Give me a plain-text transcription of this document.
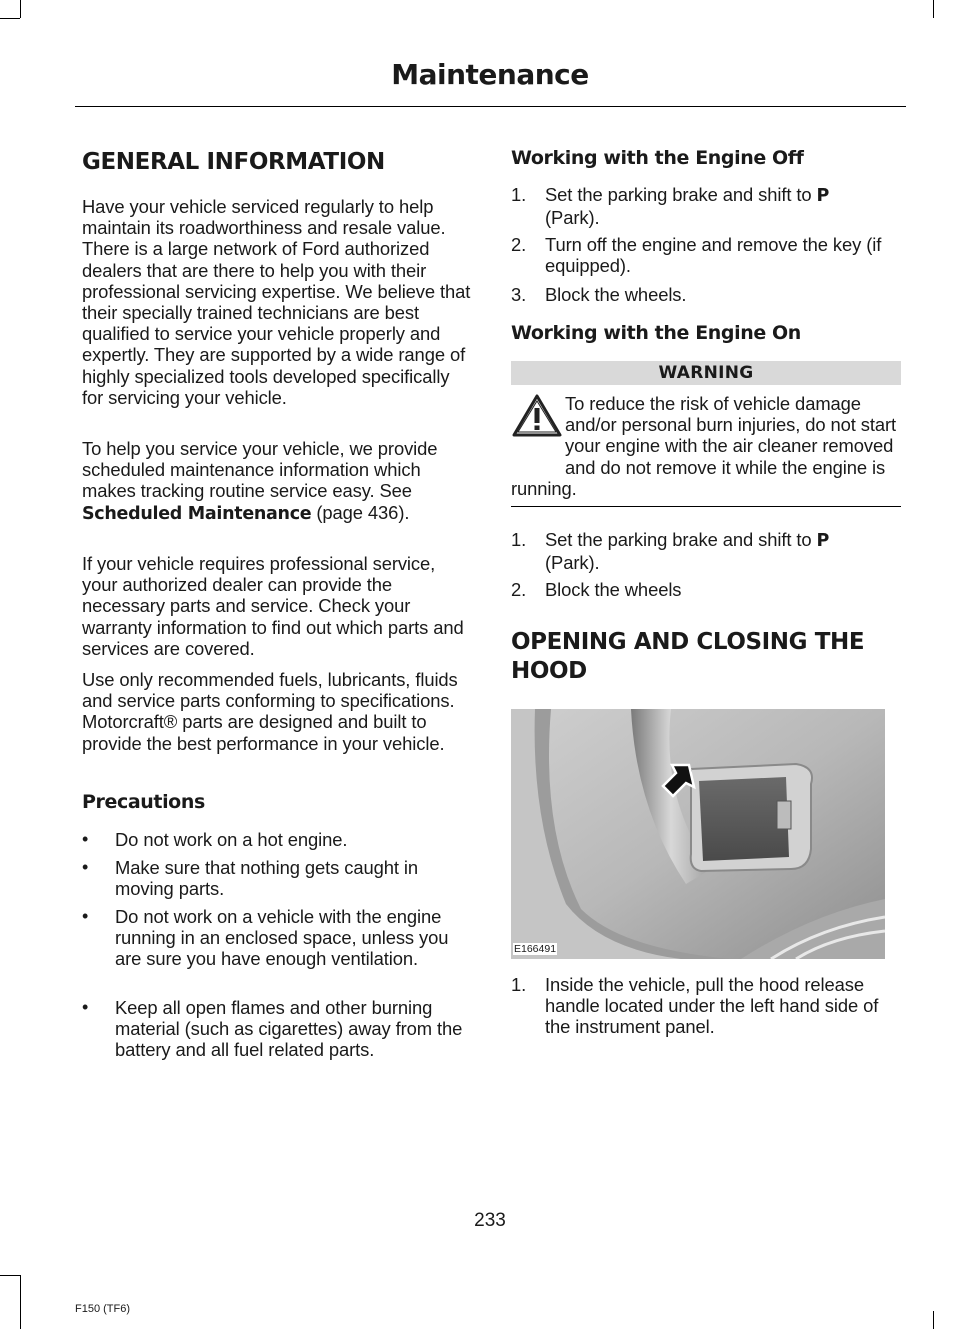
Maintenance
GENERAL INFORMATION

Have your vehicle serviced regularly to help maintain its roadworthiness and resale value. There is a large network of Ford authorized dealers that are there to help you with their professional servicing expertise. We believe that their specially trained technicians are best qualified to service your vehicle properly and expertly. They are supported by a wide range of highly specialized tools developed specifically for servicing your vehicle.

To help you service your vehicle, we provide scheduled maintenance information which makes tracking routine service easy. See Scheduled Maintenance (page 436).

If your vehicle requires professional service, your authorized dealer can provide the necessary parts and service. Check your warranty information to find out which parts and services are covered.

Use only recommended fuels, lubricants, fluids and service parts conforming to specifications. Motorcraft® parts are designed and built to provide the best performance in your vehicle.

Precautions
• Do not work on a hot engine.
• Make sure that nothing gets caught in moving parts.
• Do not work on a vehicle with the engine running in an enclosed space, unless you are sure you have enough ventilation.
• Keep all open flames and other burning material (such as cigarettes) away from the battery and all fuel related parts.
Working with the Engine Off
1. Set the parking brake and shift to P
(Park).
2. Turn off the engine and remove the key (if equipped).
3. Block the wheels.
Working with the Engine On
WARNING

To reduce the risk of vehicle damage and/or personal burn injuries, do not start your engine with the air cleaner removed and do not remove it while the engine is running.

1. Set the parking brake and shift to P
(Park).
2. Block the wheels
OPENING AND CLOSING THE HOOD
E166491
1. Inside the vehicle, pull the hood release handle located under the left hand side of the instrument panel.
233
F150 (TF6)
